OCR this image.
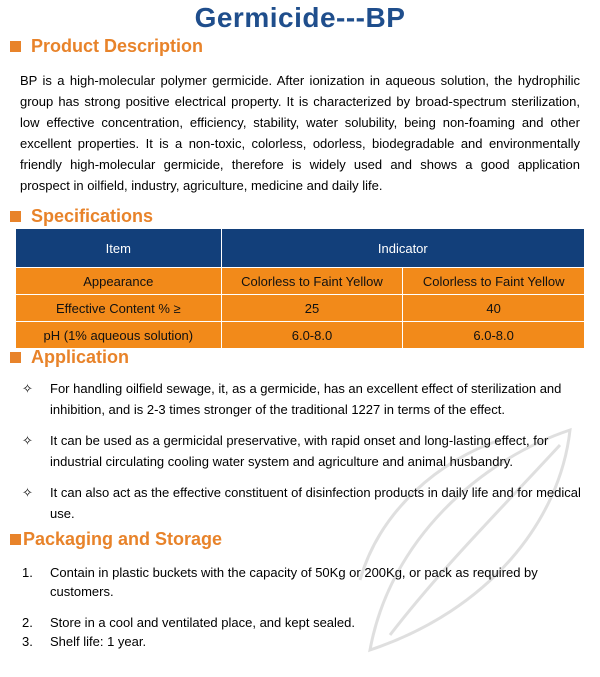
Germicide---BP
Product Description
BP is a high-molecular polymer germicide. After ionization in aqueous solution, the hydrophilic group has strong positive electrical property. It is characterized by broad-spectrum sterilization, low effective concentration, efficiency, stability, water solubility, being non-foaming and other excellent properties. It is a non-toxic, colorless, odorless, biodegradable and environmentally friendly high-molecular germicide, therefore is widely used and shows a good application prospect in oilfield, industry, agriculture, medicine and daily life.
Specifications
Item	Indicator	
Appearance	Colorless to Faint Yellow	Colorless to Faint Yellow
Effective Content % ≥	25	40
pH (1% aqueous solution)	6.0-8.0	6.0-8.0
Application
✧	For handling oilfield sewage, it, as a germicide, has an excellent effect of sterilization and inhibition, and is 2-3 times stronger of the traditional 1227 in terms of the effect.
✧	It can be used as a germicidal preservative, with rapid onset and long-lasting effect, for industrial circulating cooling water system and agriculture and animal husbandry.
✧	It can also act as the effective constituent of disinfection products in daily life and for medical use.
Packaging and Storage
1.	Contain in plastic buckets with the capacity of 50Kg or 200Kg, or pack as required by customers.
2.	Store in a cool and ventilated place, and kept sealed.
3.	Shelf life: 1 year.
